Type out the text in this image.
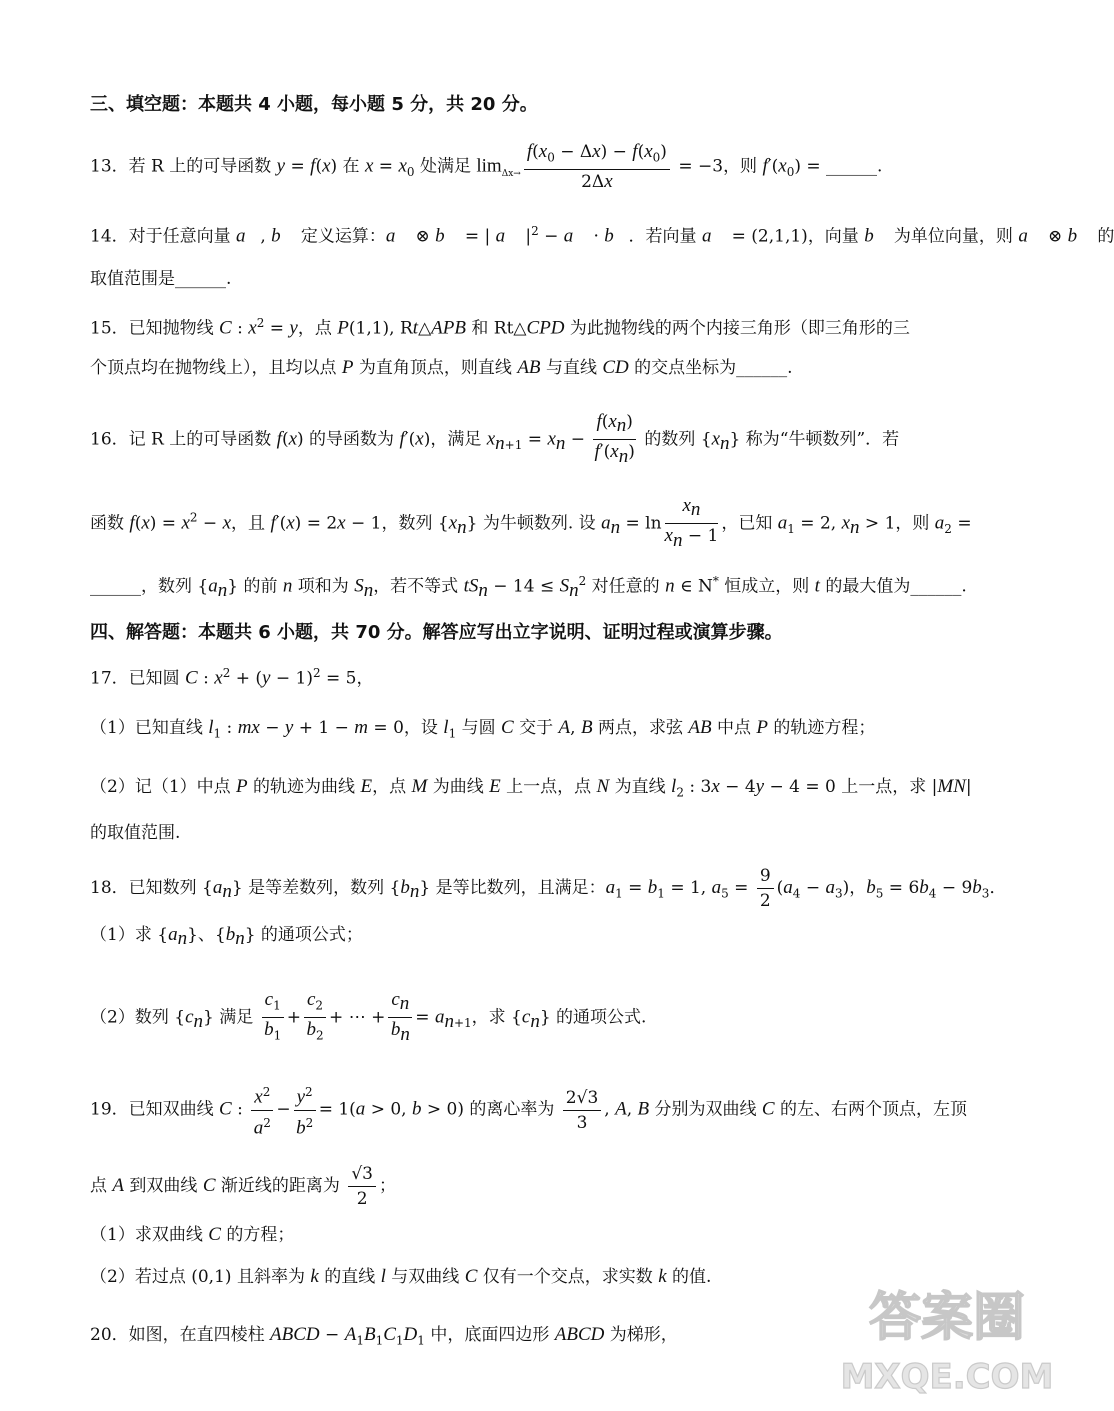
三、填空题：本题共 4 小题，每小题 5 分，共 20 分。
13．若 R 上的可导函数 y = f(x) 在 $x = x_0$ 处满足 $\lim_{\Delta x\to} \frac{f(x_0 - \Delta x) - f(x_0)}{2\Delta x} = -3$，则 $f'(x_0)$ = ______.
14．对于任意向量 a⃗, b⃗ 定义运算：a⃗ ⊗ b⃗ = | a⃗ $|^2$ − a⃗ · b⃗．若向量 a⃗ = (2,1,1)，向量 b⃗ 为单位向量，则 a⃗ ⊗ b⃗ 的
取值范围是______.
15．已知抛物线 C : $x^2 = y$，点 P(1,1), Rt△APB 和 Rt△CPD 为此抛物线的两个内接三角形（即三角形的三
个顶点均在抛物线上），且均以点 P 为直角顶点，则直线 AB 与直线 CD 的交点坐标为______.
16．记 R 上的可导函数 f(x) 的导函数为 f′(x)，满足 $x_{n+1} = x_n - \frac{f(x_n)}{f'(x_n)}$ 的数列 $\{x_n\}$ 称为“牛顿数列”．若
函数 $f(x) = x^2 - x$，且 f′(x) = 2x − 1，数列 $\{x_n\}$ 为牛顿数列. 设 $a_n = \ln \frac{x_n}{x_n - 1}$ ，已知 $a_1 = 2$, $x_n > 1$，则 $a_2$ =
______，数列 $\{a_n\}$ 的前 n 项和为 $S_n$，若不等式 $tS_n - 14 \le S_n^2$ 对任意的 n ∈ N* 恒成立，则 t 的最大值为______.
四、解答题：本题共 6 小题，共 70 分。解答应写出立字说明、证明过程或演算步骤。
17．已知圆 C : $x^2 + (y - 1)^2 = 5$，
（1）已知直线 $l_1$ : mx − y + 1 − m = 0，设 $l_1$ 与圆 C 交于 A, B 两点，求弦 AB 中点 P 的轨迹方程；
（2）记（1）中点 P 的轨迹为曲线 E，点 M 为曲线 E 上一点，点 N 为直线 $l_2$ : 3x − 4y − 4 = 0 上一点，求 |MN|
的取值范围.
18．已知数列 $\{a_n\}$ 是等差数列，数列 $\{b_n\}$ 是等比数列，且满足：$a_1 = b_1 = 1$, $a_5 = \frac{9}{2} (a_4 - a_3)$，$b_5 = 6b_4 - 9b_3$．
（1）求 $\{a_n\}$、$\{b_n\}$ 的通项公式；
（2）数列 $\{c_n\}$ 满足 $\frac{c_1}{b_1} + \frac{c_2}{b_2}$ + ⋯ + $\frac{c_n}{b_n} = a_{n+1}$，求 $\{c_n\}$ 的通项公式.
19．已知双曲线 C : $\frac{x^2}{a^2} - \frac{y^2}{b^2} = 1(a > 0$, b > 0) 的离心率为 $\frac{2√3}{3}$ , A, B 分别为双曲线 C 的左、右两个顶点，左顶
点 A 到双曲线 C 渐近线的距离为 $\frac{√3}{2}$ ；
（1）求双曲线 C 的方程；
（2）若过点 (0,1) 且斜率为 k 的直线 l 与双曲线 C 仅有一个交点，求实数 k 的值.
20．如图，在直四棱柱 ABCD − $A_1B_1C_1D_1$ 中，底面四边形 ABCD 为梯形，	答案圈
MXQE.COM
